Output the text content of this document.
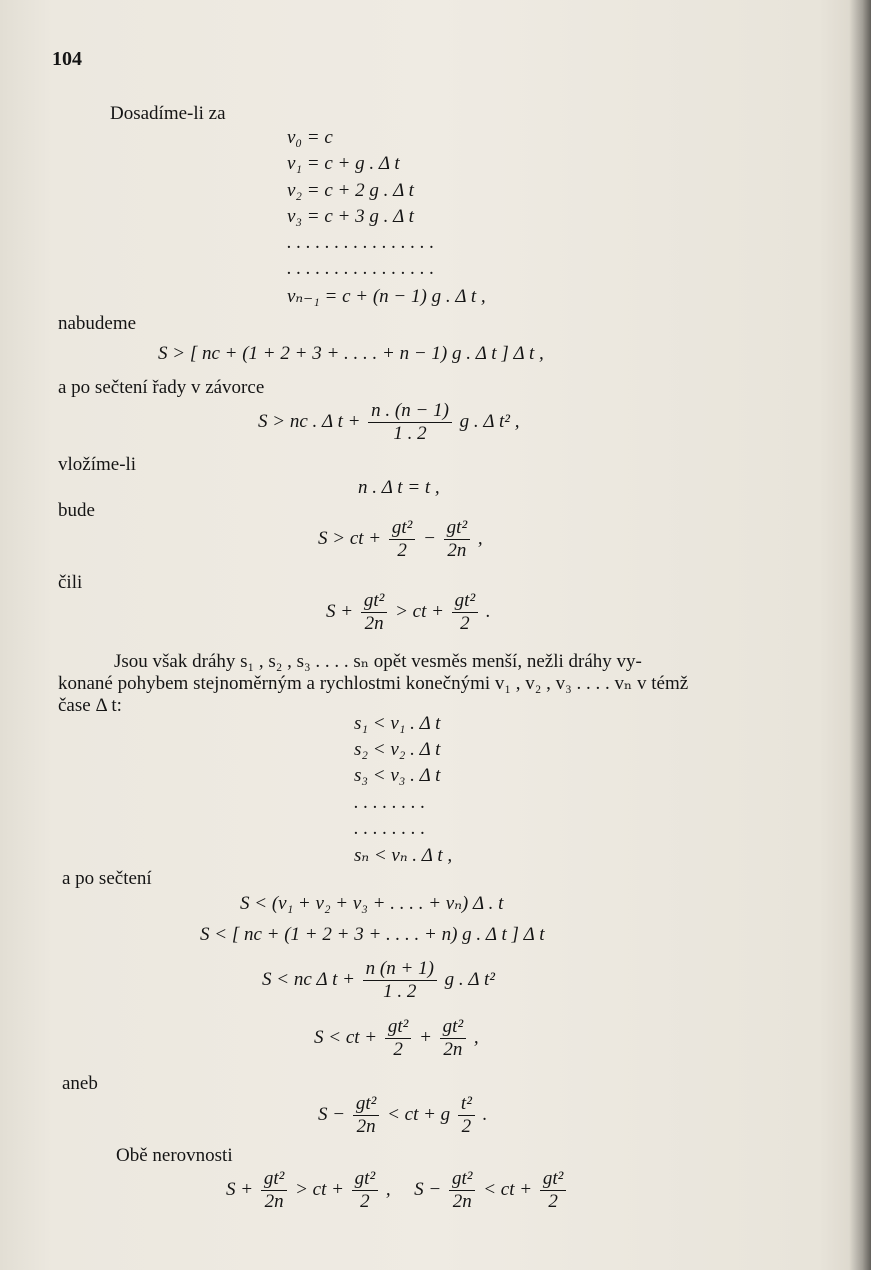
104
Dosadíme-li za
v₀ = c
v₁ = c + g . Δ t
v₂ = c + 2 g . Δ t
v₃ = c + 3 g . Δ t
. . . . . . . . . . . . . . . .
. . . . . . . . . . . . . . . .
vₙ₋₁ = c + (n − 1) g . Δ t ,
nabudeme
S > [ nc + (1 + 2 + 3 + . . . . + n − 1) g . Δ t ] Δ t ,
a po sečtení řady v závorce
S > nc . Δ $t + \frac{n . (n - 1)}{1 . 2}$ g . Δ t² ,
vložíme-li
n . Δ t = t ,
bude
S > ct + $\frac{\text{gt²}}{2} - \frac{\text{gt²}}{2n}$ ,
čili
$S + \frac{\text{gt²}}{2n}$ > ct + $\frac{\text{gt²}}{2}$ .
Jsou však dráhy s₁ , s₂ , s₃ . . . . sₙ opět vesměs menší, nežli dráhy vy-
konané pohybem stejnoměrným a rychlostmi konečnými v₁ , v₂ , v₃ . . . . vₙ v témž
čase Δ t:
s₁ < v₁ . Δ t
s₂ < v₂ . Δ t
s₃ < v₃ . Δ t
. . . . . . . .
. . . . . . . .
sₙ < vₙ . Δ t ,
a po sečtení
S < (v₁ + v₂ + v₃ + . . . . + vₙ) Δ . t
S < [ nc + (1 + 2 + 3 + . . . . + n) g . Δ t ] Δ t
S < nc Δ $t + \frac{n (n + 1)}{1 . 2}$ g . Δ t²
S < ct + $\frac{\text{gt²}}{2} + \frac{\text{gt²}}{2n}$ ,
aneb
$S - \frac{\text{gt²}}{2n}$ < ct + g $\frac{\text{t²}}{2}$ .
Obě nerovnosti
$S + \frac{\text{gt²}}{2n}$ > ct + $\frac{\text{gt²}}{2}$ , $S - \frac{\text{gt²}}{2n}$ < ct + $\frac{\text{gt²}}{2}$
